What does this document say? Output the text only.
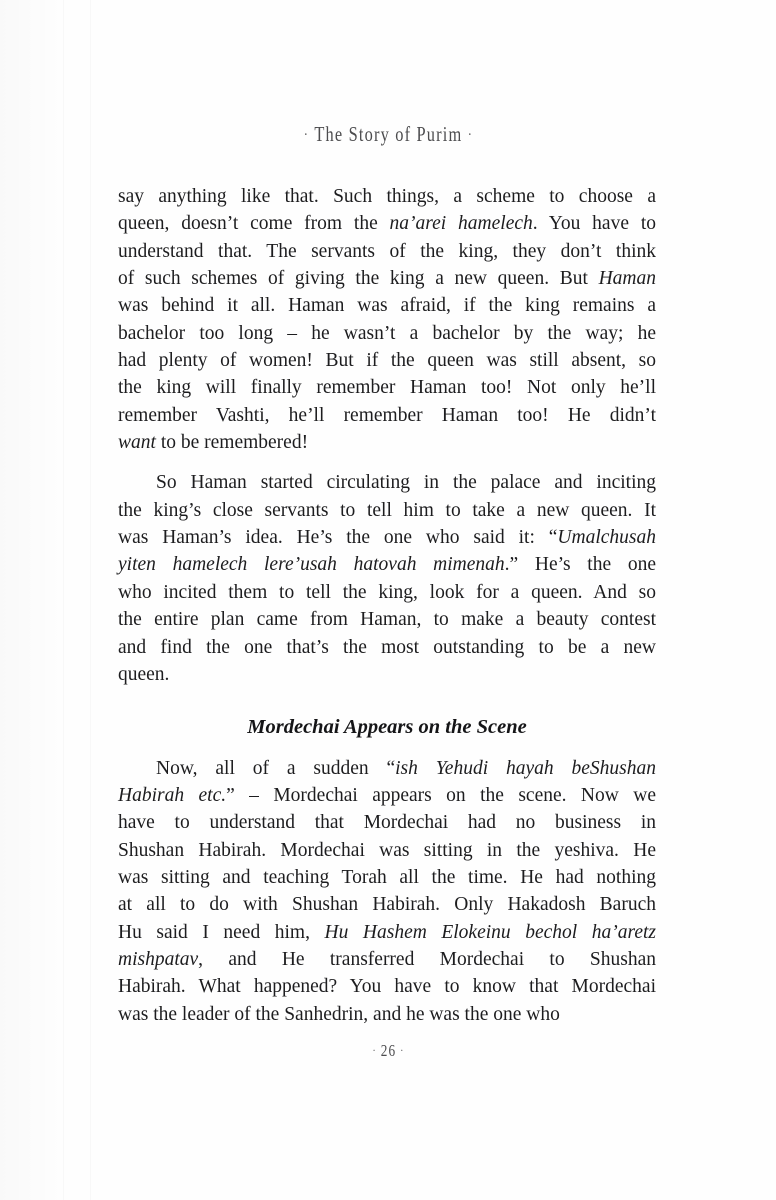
· The Story of Purim ·

say anything like that. Such things, a scheme to choose a
queen, doesn’t come from the na’arei hamelech. You have to
understand that. The servants of the king, they don’t think
of such schemes of giving the king a new queen. But Haman
was behind it all. Haman was afraid, if the king remains a
bachelor too long – he wasn’t a bachelor by the way; he
had plenty of women! But if the queen was still absent, so
the king will finally remember Haman too! Not only he’ll
remember Vashti, he’ll remember Haman too! He didn’t
want to be remembered!

So Haman started circulating in the palace and inciting
the king’s close servants to tell him to take a new queen. It
was Haman’s idea. He’s the one who said it: “Umalchusah
yiten hamelech lere’usah hatovah mimenah.” He’s the one
who incited them to tell the king, look for a queen. And so
the entire plan came from Haman, to make a beauty contest
and find the one that’s the most outstanding to be a new
queen.

Mordechai Appears on the Scene

Now, all of a sudden “ish Yehudi hayah beShushan
Habirah etc.” – Mordechai appears on the scene. Now we
have to understand that Mordechai had no business in
Shushan Habirah. Mordechai was sitting in the yeshiva. He
was sitting and teaching Torah all the time. He had nothing
at all to do with Shushan Habirah. Only Hakadosh Baruch
Hu said I need him, Hu Hashem Elokeinu bechol ha’aretz
mishpatav, and He transferred Mordechai to Shushan
Habirah. What happened? You have to know that Mordechai
was the leader of the Sanhedrin, and he was the one who

· 26 ·
